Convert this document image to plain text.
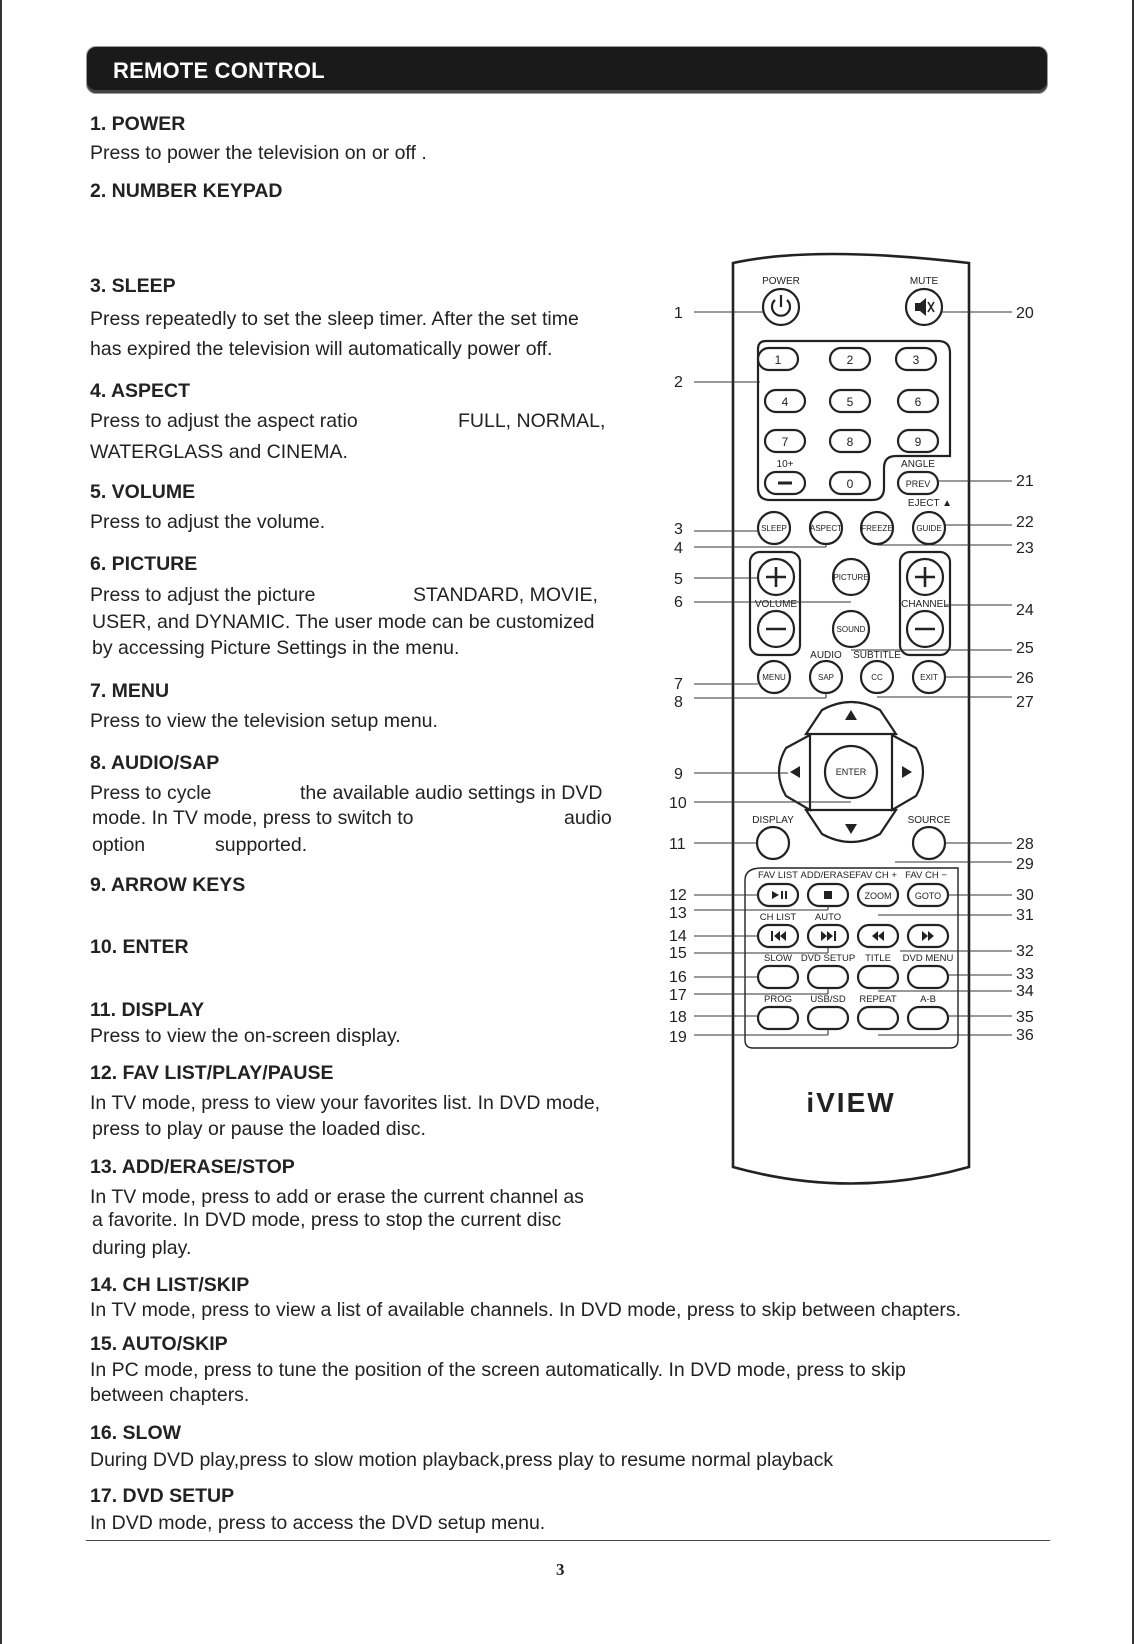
REMOTE CONTROL
1. POWER
Press to power the television on or off .
2. NUMBER KEYPAD
3. SLEEP
Press repeatedly to set the sleep timer. After the set time
has expired the television will automatically power off.
4. ASPECT
Press to adjust the aspect ratio	FULL, NORMAL,
WATERGLASS and CINEMA.
5. VOLUME
Press to adjust the volume.
6. PICTURE
Press to adjust the picture	STANDARD, MOVIE,
USER, and DYNAMIC. The user mode can be customized
by accessing Picture Settings in the menu.
7. MENU
Press to view the television setup menu.
8. AUDIO/SAP
Press to cycle	the available audio settings in DVD
mode. In TV mode, press to switch to	audio
option	supported.
9. ARROW KEYS
10. ENTER
11. DISPLAY
Press to view the on-screen display.
12. FAV LIST/PLAY/PAUSE
In TV mode, press to view your favorites list. In DVD mode,
press to play or pause the loaded disc.
13. ADD/ERASE/STOP
In TV mode, press to add or erase the current channel as
a favorite. In DVD mode, press to stop the current disc
during play.
14. CH LIST/SKIP
In TV mode, press to view a list of available channels. In DVD mode, press to skip between chapters.
15. AUTO/SKIP
In PC mode, press to tune the position of the screen automatically. In DVD mode, press to skip
between chapters.
16. SLOW
During DVD play,press to slow motion playback,press play to resume normal playback
17. DVD SETUP
In DVD mode, press to access the DVD setup menu.
3
POWER	MUTE
10+	ANGLE
EJECT ▲
VOLUME	CHANNEL
AUDIO SUBTITLE
DISPLAY	SOURCE
FAV LIST ADD/ERASE FAV CH + FAV CH −
CH LIST AUTO
SLOW DVD SETUP TITLE DVD MENU
PROG USB/SD REPEAT A-B
SLEEP	ASPECT FREEZE	GUIDE
PICTURE
SOUND
MENU	SAP	CC	EXIT
ENTER
PREV
ZOOM	GOTO
1	2	3
4	5	6
7	8	9
0
iVIEW
1
2
3
4
5
6
7
8
9
10
11
12
13
14
15
16
17
18
19
20
21
22
23
24
25
26
27
28
29
30
31
32
33
34
35
36
